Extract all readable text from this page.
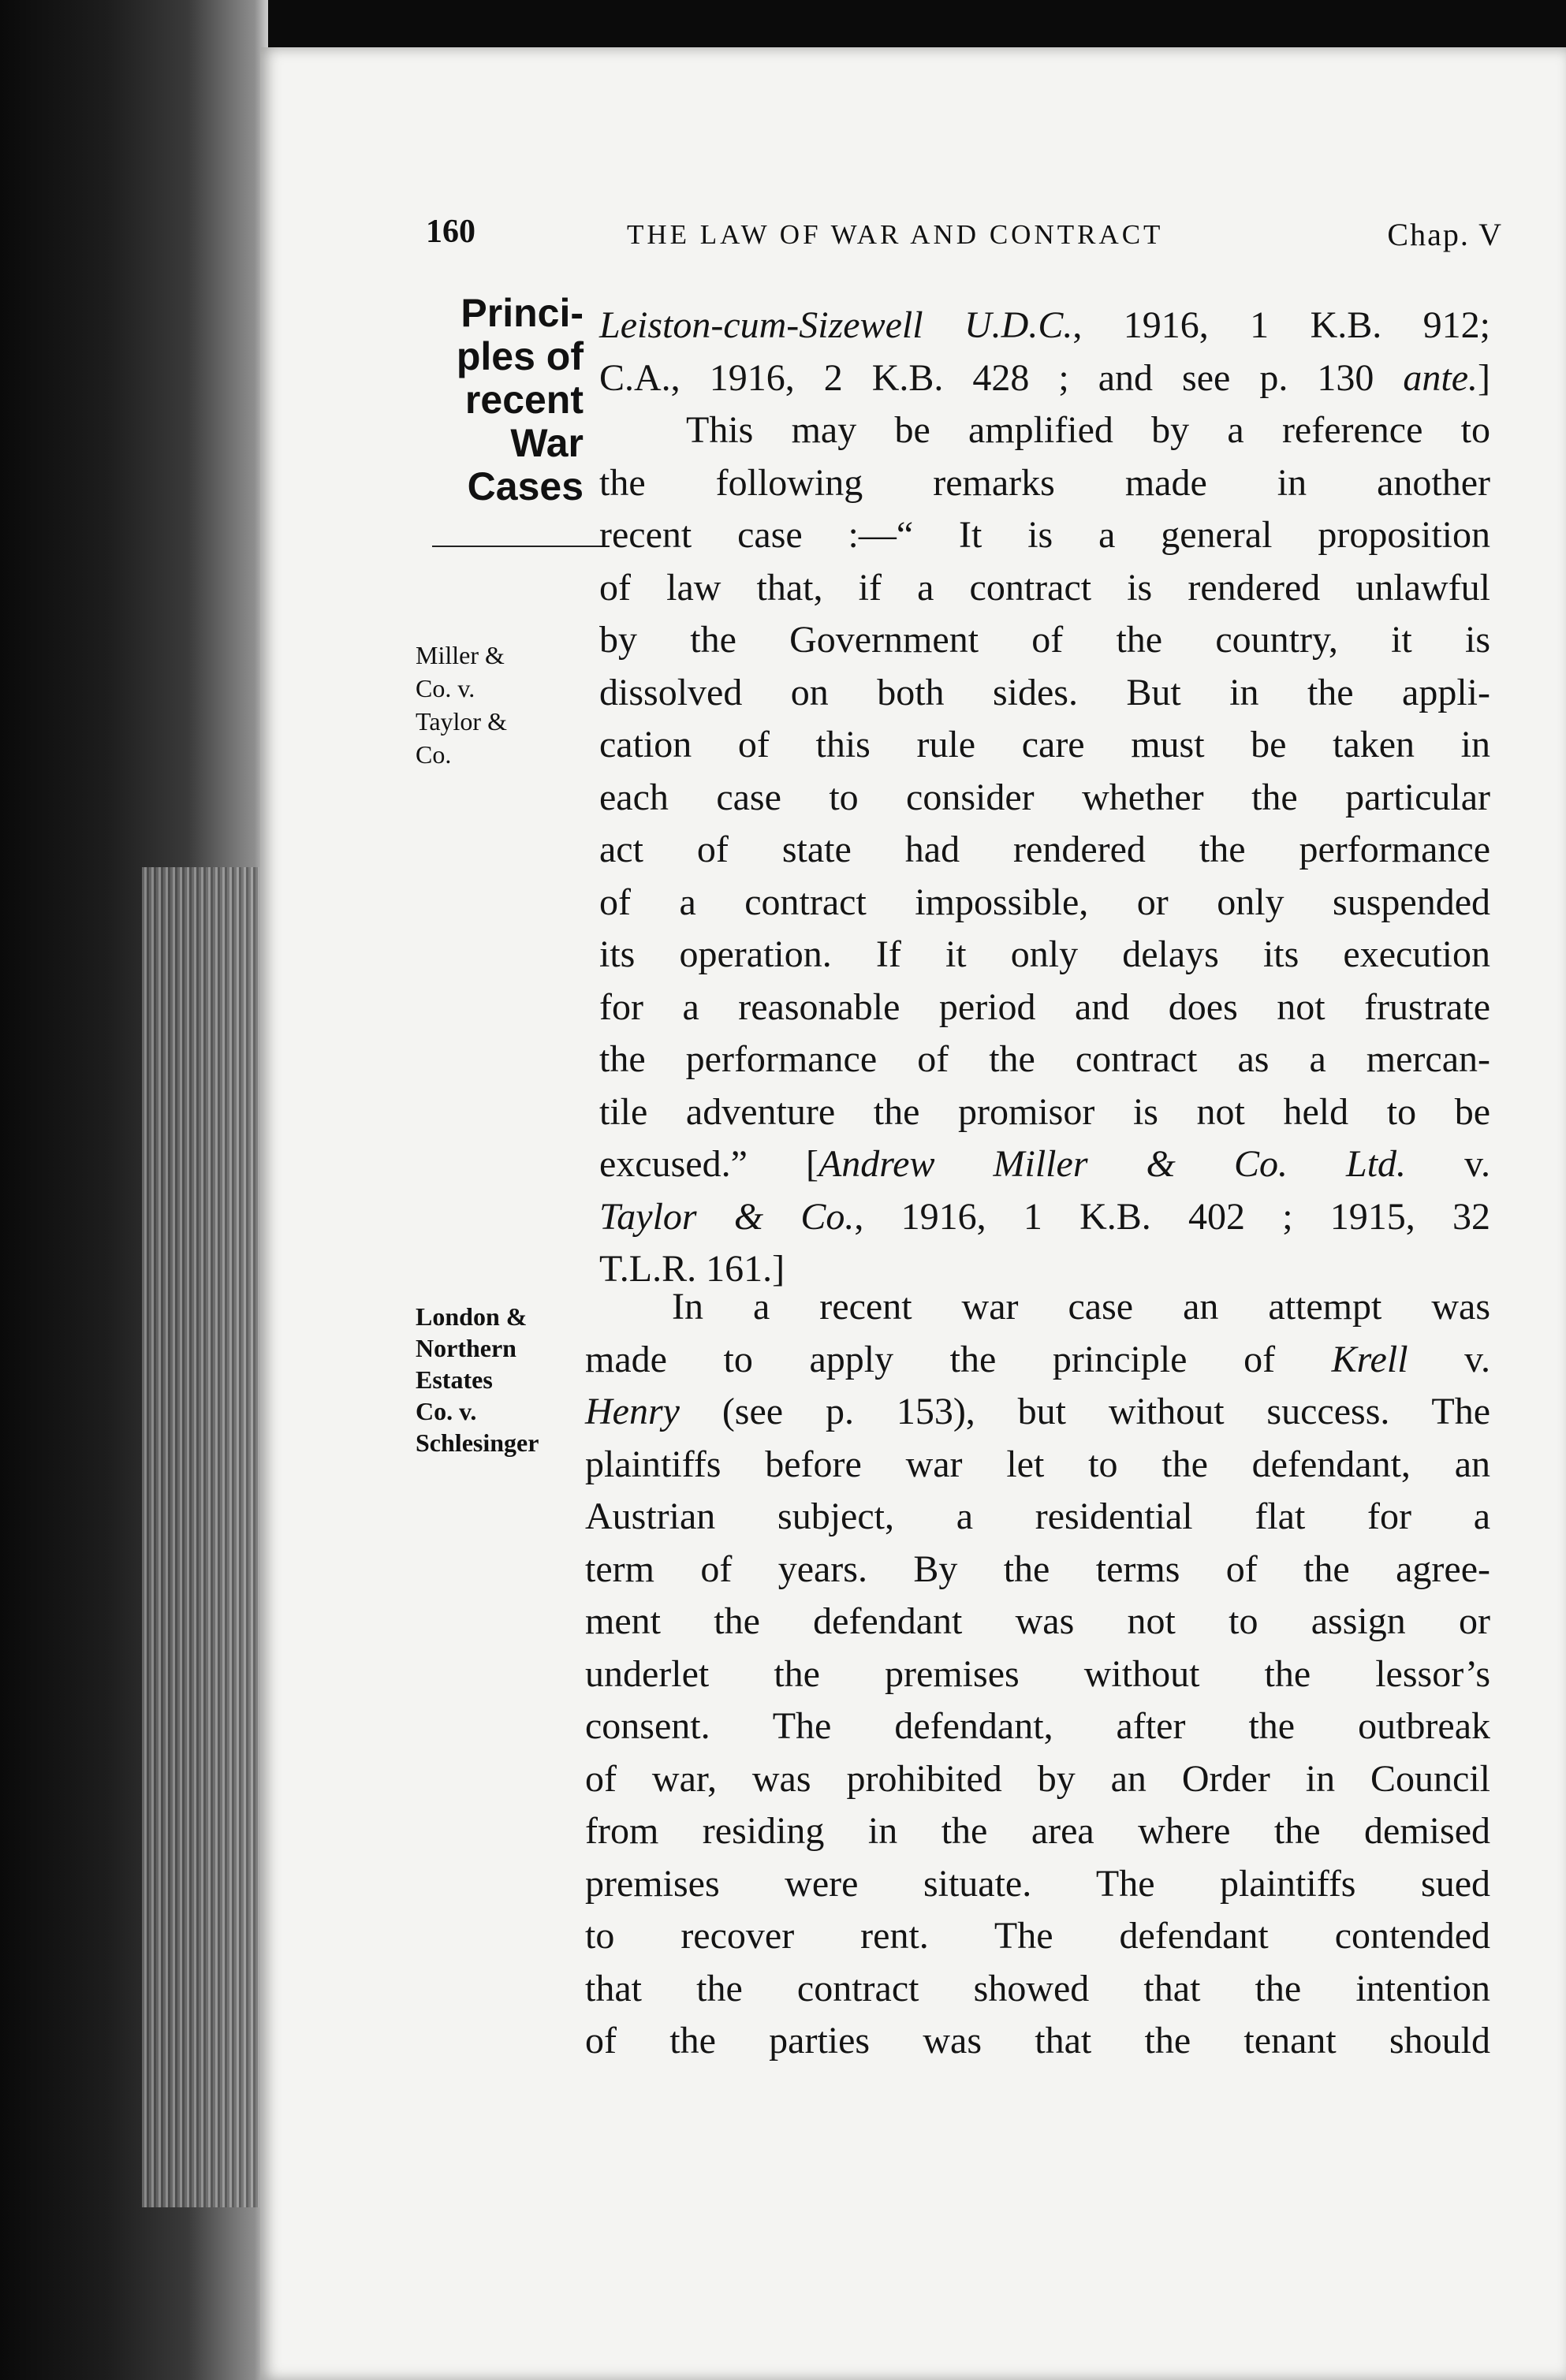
160	THE LAW OF WAR AND CONTRACT	Chap. V
Princi-
ples of
recent
War
Cases
Miller &
Co. v.
Taylor &
Co.
London &
Northern
Estates
Co. v.
Schlesinger
Leiston-cum-Sizewell U.D.C., 1916, 1 K.B. 912;
C.A., 1916, 2 K.B. 428 ; and see p. 130 ante.]
This may be amplified by a reference to
the following remarks made in another
recent case :—“ It is a general proposition
of law that, if a contract is rendered unlawful
by the Government of the country, it is
dissolved on both sides. But in the appli-
cation of this rule care must be taken in
each case to consider whether the particular
act of state had rendered the performance
of a contract impossible, or only suspended
its operation. If it only delays its execution
for a reasonable period and does not frustrate
the performance of the contract as a mercan-
tile adventure the promisor is not held to be
excused.” [Andrew Miller & Co. Ltd. v.
Taylor & Co., 1916, 1 K.B. 402 ; 1915, 32
T.L.R. 161.]
In a recent war case an attempt was
made to apply the principle of Krell v.
Henry (see p. 153), but without success. The
plaintiffs before war let to the defendant, an
Austrian subject, a residential flat for a
term of years. By the terms of the agree-
ment the defendant was not to assign or
underlet the premises without the lessor’s
consent. The defendant, after the outbreak
of war, was prohibited by an Order in Council
from residing in the area where the demised
premises were situate. The plaintiffs sued
to recover rent. The defendant contended
that the contract showed that the intention
of the parties was that the tenant should
